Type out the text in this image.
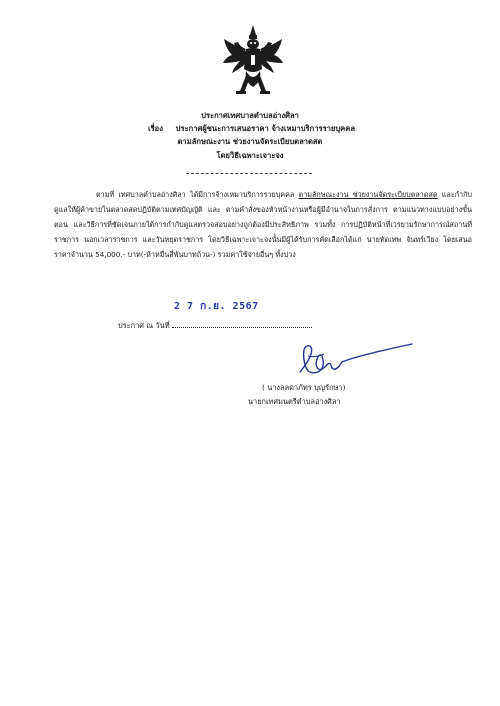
ประกาศเทศบาลตำบลอ่างศิลา
เรื่อง ประกาศผู้ชนะการเสนอราคา จ้างเหมาบริการรายบุคคล
ตามลักษณะงาน ช่วยงานจัดระเบียบตลาดสด
โดยวิธีเฉพาะเจาะจง

ตามที่ เทศบาลตำบลอ่างศิลา ได้มีการจ้างเหมาบริการรายบุคคล ตามลักษณะงาน ช่วยงานจัดระเบียบตลาดสด และกำกับดูแลให้ผู้ค้าขายในตลาดสดปฏิบัติตามเทศบัญญัติ และ ตามคำสั่งของหัวหน้างานหรือผู้มีอำนาจในการสั่งการ ตามแนวทางแบบอย่างขั้นตอน และวิธีการที่ชัดเจนภายใต้การกำกับดูแลตรวจสอบอย่างถูกต้องมีประสิทธิภาพ รวมทั้ง การปฏิบัติหน้าที่เวรยามรักษาการณ์สถานที่ราชการ นอกเวลาราชการ และวันหยุดราชการ โดยวิธีเฉพาะเจาะจงนั้นมีผู้ได้รับการคัดเลือกได้แก่ นายทัดเทพ จันทร์เวียง โดยเสนอราคาจำนวน 54,000.- บาท(-ห้าหมื่นสี่พันบาทถ้วน-) รวมค่าใช้จ่ายอื่นๆ ทั้งปวง

2 7 ก.ย. 2567
ประกาศ ณ วันที่
( นางลลดาภัทร บุญรักษา)
นายกเทศมนตรีตำบลอ่างศิลา
